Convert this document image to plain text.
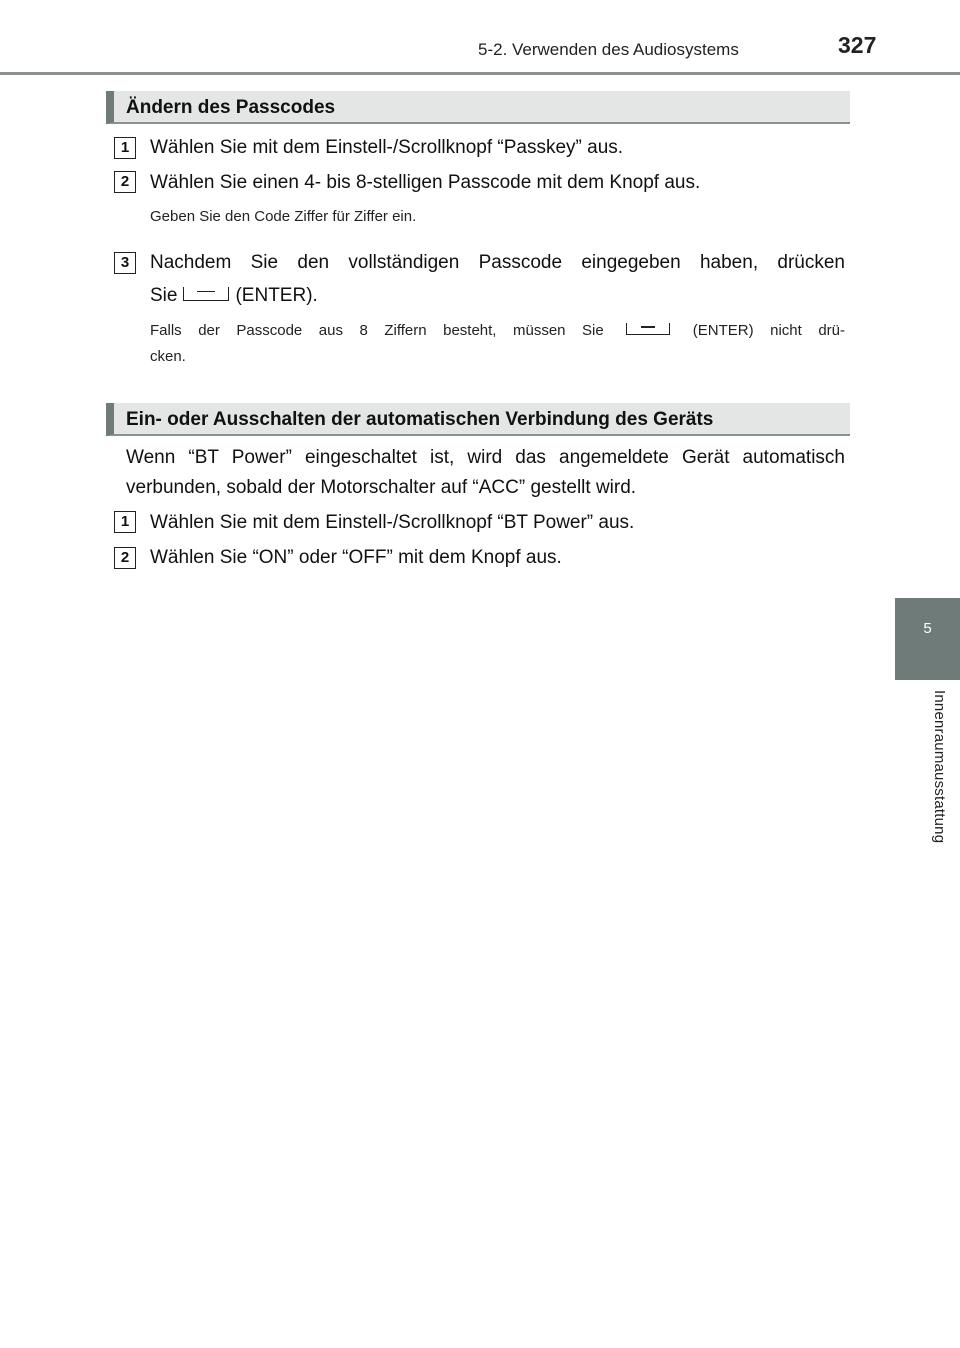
5-2. Verwenden des Audiosystems	327
5
Innenraumausstattung
Ändern des Passcodes
1	Wählen Sie mit dem Einstell-/Scrollknopf “Passkey” aus.
2	Wählen Sie einen 4- bis 8-stelligen Passcode mit dem Knopf aus.
Geben Sie den Code Ziffer für Ziffer ein.
3	Nachdem Sie den vollständigen Passcode eingegeben haben, drücken
Sie	(ENTER).
Falls der Passcode aus 8 Ziffern besteht, müssen Sie	(ENTER) nicht drü-
cken.
Ein- oder Ausschalten der automatischen Verbindung des Geräts
Wenn “BT Power” eingeschaltet ist, wird das angemeldete Gerät automatisch
verbunden, sobald der Motorschalter auf “ACC” gestellt wird.
1	Wählen Sie mit dem Einstell-/Scrollknopf “BT Power” aus.
2	Wählen Sie “ON” oder “OFF” mit dem Knopf aus.
